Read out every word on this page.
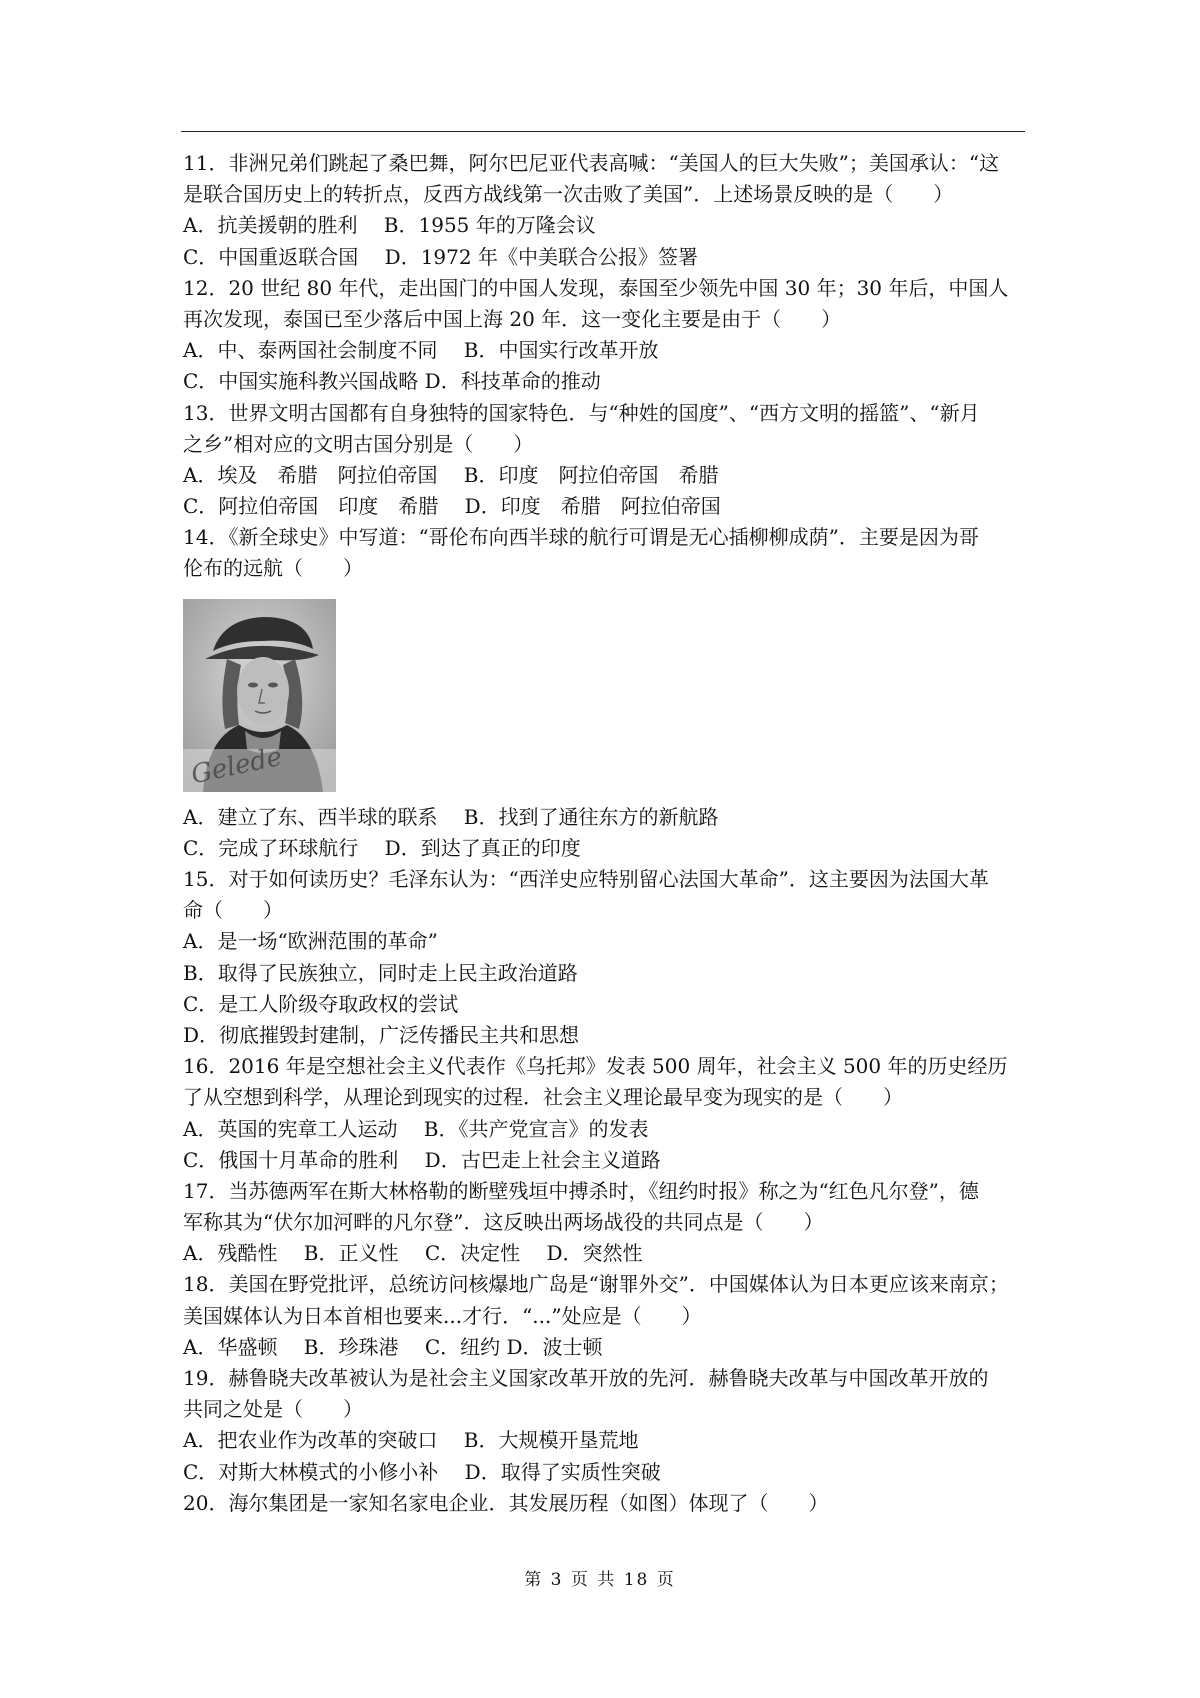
11．非洲兄弟们跳起了桑巴舞，阿尔巴尼亚代表高喊：“美国人的巨大失败”；美国承认：“这
是联合国历史上的转折点，反西方战线第一次击败了美国”．上述场景反映的是（　　）
A．抗美援朝的胜利　 B．1955 年的万隆会议
C．中国重返联合国　 D．1972 年《中美联合公报》签署
12．20 世纪 80 年代，走出国门的中国人发现，泰国至少领先中国 30 年；30 年后，中国人
再次发现，泰国已至少落后中国上海 20 年．这一变化主要是由于（　　）
A．中、泰两国社会制度不同　 B．中国实行改革开放
C．中国实施科教兴国战略 D．科技革命的推动
13．世界文明古国都有自身独特的国家特色．与“种姓的国度”、“西方文明的摇篮”、“新月
之乡”相对应的文明古国分别是（　　）
A．埃及　希腊　阿拉伯帝国　 B．印度　阿拉伯帝国　希腊
C．阿拉伯帝国　印度　希腊　 D．印度　希腊　阿拉伯帝国
14．《新全球史》中写道：“哥伦布向西半球的航行可谓是无心插柳柳成荫”．主要是因为哥
伦布的远航（　　）
Gelede
A．建立了东、西半球的联系　 B．找到了通往东方的新航路
C．完成了环球航行　 D．到达了真正的印度
15．对于如何读历史？毛泽东认为：“西洋史应特别留心法国大革命”．这主要因为法国大革
命（　　）
A．是一场“欧洲范围的革命”
B．取得了民族独立，同时走上民主政治道路
C．是工人阶级夺取政权的尝试
D．彻底摧毁封建制，广泛传播民主共和思想
16．2016 年是空想社会主义代表作《乌托邦》发表 500 周年，社会主义 500 年的历史经历
了从空想到科学，从理论到现实的过程．社会主义理论最早变为现实的是（　　）
A．英国的宪章工人运动　 B．《共产党宣言》的发表
C．俄国十月革命的胜利　 D．古巴走上社会主义道路
17．当苏德两军在斯大林格勒的断壁残垣中搏杀时，《纽约时报》称之为“红色凡尔登”，德
军称其为“伏尔加河畔的凡尔登”．这反映出两场战役的共同点是（　　）
A．残酷性　 B．正义性　 C．决定性　 D．突然性
18．美国在野党批评，总统访问核爆地广岛是“谢罪外交”．中国媒体认为日本更应该来南京；
美国媒体认为日本首相也要来...才行．“...”处应是（　　）
A．华盛顿　 B．珍珠港　 C．纽约 D．波士顿
19．赫鲁晓夫改革被认为是社会主义国家改革开放的先河．赫鲁晓夫改革与中国改革开放的
共同之处是（　　）
A．把农业作为改革的突破口　 B．大规模开垦荒地
C．对斯大林模式的小修小补　 D．取得了实质性突破
20．海尔集团是一家知名家电企业．其发展历程（如图）体现了（　　）
第 3 页 共 18 页
